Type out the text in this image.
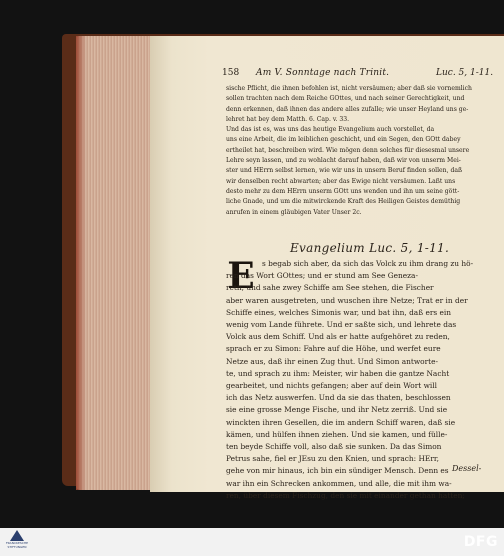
158 Am V. Sonntage nach Trinit.	Luc. 5, 1-11.
sische Pflicht, die ihnen befohlen ist, nicht versäumen; aber daß sie vornemlich
sollen trachten nach dem Reiche GOttes, und nach seiner Gerechtigkeit, und
denn erkennen, daß ihnen das andere alles zufalle; wie unser Heyland uns ge-
lehret hat bey dem Matth. 6. Cap. v. 33.
Und das ist es, was uns das heutige Evangelium auch vorstellet, da
uns eine Arbeit, die im leiblichen geschicht, und ein Segen, den GOtt dabey
ertheilet hat, beschreiben wird. Wie mögen denn solches für diesesmal unsere
Lehre seyn lassen, und zu wohlacht darauf haben, daß wir von unserm Mei-
ster und HErrn selbst lernen, wie wir uns in unsern Beruf finden sollen, daß
wir denselben recht abwarten; aber das Ewige nicht versäumen. Laßt uns
desto mehr zu dem HErrn unserm GOtt uns wenden und ihn um seine gött-
liche Gnade, und um die mitwirckende Kraft des Heiligen Geistes demüthig
anrufen in einem gläubigen Vater Unser 2c.
Evangelium Luc. 5, 1-11.
E s begab sich aber, da sich das Volck zu ihm drang zu hö-
ren das Wort GOttes; und er stund am See Geneza-
reth, und sahe zwey Schiffe am See stehen, die Fischer
aber waren ausgetreten, und wuschen ihre Netze; Trat er in der
Schiffe eines, welches Simonis war, und bat ihn, daß ers ein
wenig vom Lande führete. Und er saßte sich, und lehrete das
Volck aus dem Schiff. Und als er hatte aufgehöret zu reden,
sprach er zu Simon: Fahre auf die Höhe, und werfet eure
Netze aus, daß ihr einen Zug thut. Und Simon antworte-
te, und sprach zu ihm: Meister, wir haben die gantze Nacht
gearbeitet, und nichts gefangen; aber auf dein Wort will
ich das Netz auswerfen. Und da sie das thaten, beschlossen
sie eine grosse Menge Fische, und ihr Netz zerriß. Und sie
winckten ihren Gesellen, die im andern Schiff waren, daß sie
kämen, und hülfen ihnen ziehen. Und sie kamen, und fülle-
ten beyde Schiffe voll, also daß sie sunken. Da das Simon
Petrus sahe, fiel er JEsu zu den Knien, und sprach: HErr,
gehe von mir hinaus, ich bin ein sündiger Mensch. Denn es
war ihn ein Schrecken ankommen, und alle, die mit ihm wa-
ren, über diesem Fischzug, den sie mit einander gethan hatten;
Dessel-
FRANCKESCHE STIFTUNGEN	DFG
